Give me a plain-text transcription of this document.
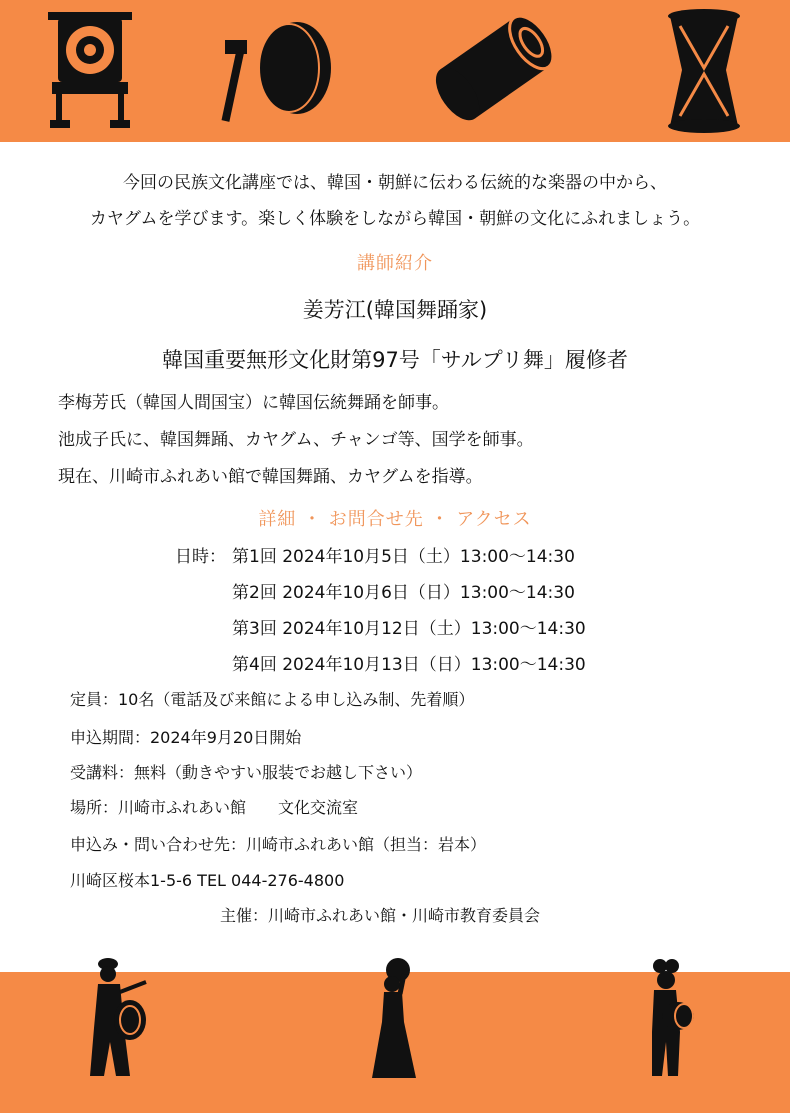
今回の民族文化講座では、韓国・朝鮮に伝わる伝統的な楽器の中から、
カヤグムを学びます。楽しく体験をしながら韓国・朝鮮の文化にふれましょう。
講師紹介
姜芳江(韓国舞踊家)
韓国重要無形文化財第97号「サルプリ舞」履修者
李梅芳氏（韓国人間国宝）に韓国伝統舞踊を師事。
池成子氏に、韓国舞踊、カヤグム、チャンゴ等、国学を師事。
現在、川崎市ふれあい館で韓国舞踊、カヤグムを指導。
詳細 ・ お問合せ先 ・ アクセス
日時： 第1回 2024年10月5日（土）13:00～14:30
第2回 2024年10月6日（日）13:00～14:30
第3回 2024年10月12日（土）13:00～14:30
第4回 2024年10月13日（日）13:00～14:30
定員：10名（電話及び来館による申し込み制、先着順）
申込期間：2024年9月20日開始
受講料：無料（動きやすい服装でお越し下さい）
場所：川崎市ふれあい館　　文化交流室
申込み・問い合わせ先：川崎市ふれあい館（担当：岩本）
川崎区桜本1-5-6 TEL 044-276-4800
主催：川崎市ふれあい館・川崎市教育委員会
